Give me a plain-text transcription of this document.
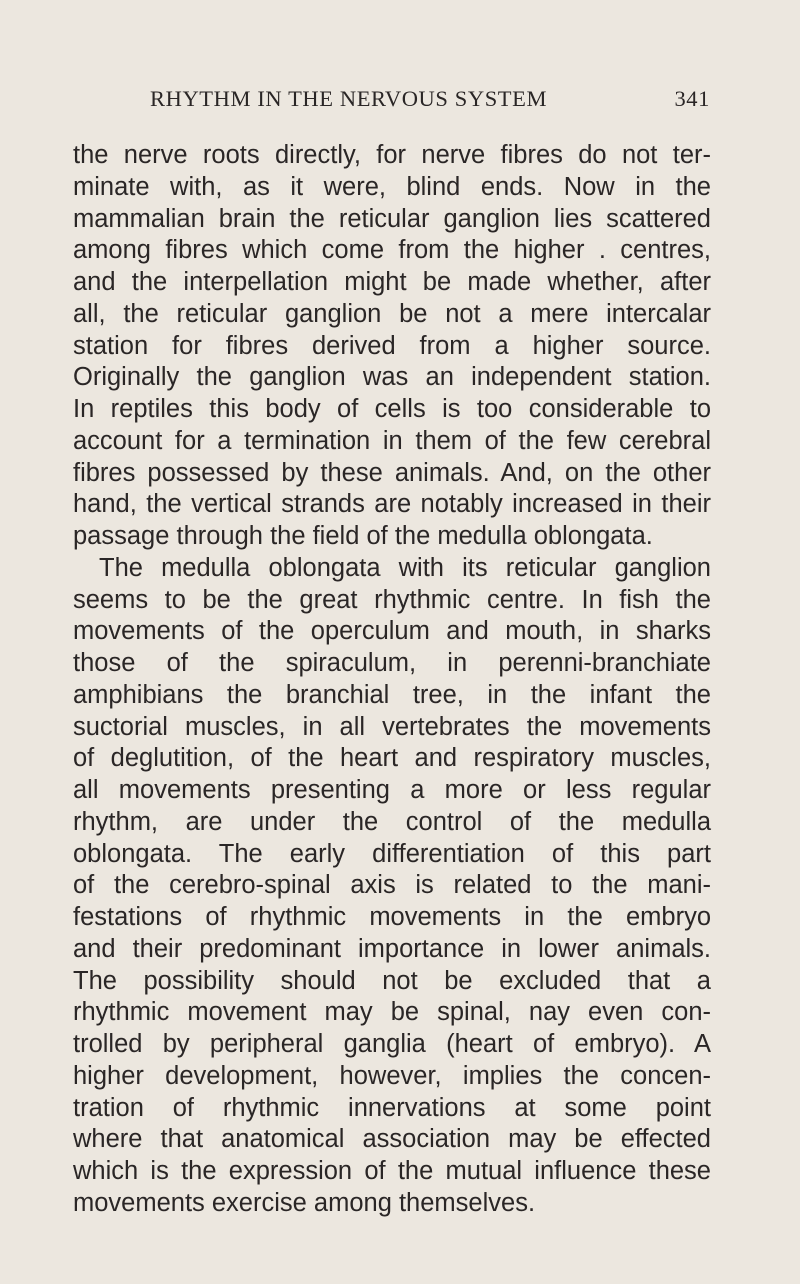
RHYTHM IN THE NERVOUS SYSTEM	341
the nerve roots directly, for nerve fibres do not ter-
minate with, as it were, blind ends. Now in the
mammalian brain the reticular ganglion lies scattered
among fibres which come from the higher . centres,
and the interpellation might be made whether, after
all, the reticular ganglion be not a mere intercalar
station for fibres derived from a higher source.
Originally the ganglion was an independent station.
In reptiles this body of cells is too considerable to
account for a termination in them of the few cerebral
fibres possessed by these animals. And, on the other
hand, the vertical strands are notably increased in their
passage through the field of the medulla oblongata.
The medulla oblongata with its reticular ganglion
seems to be the great rhythmic centre. In fish the
movements of the operculum and mouth, in sharks
those of the spiraculum, in perenni-branchiate
amphibians the branchial tree, in the infant the
suctorial muscles, in all vertebrates the movements
of deglutition, of the heart and respiratory muscles,
all movements presenting a more or less regular
rhythm, are under the control of the medulla
oblongata. The early differentiation of this part
of the cerebro-spinal axis is related to the mani-
festations of rhythmic movements in the embryo
and their predominant importance in lower animals.
The possibility should not be excluded that a
rhythmic movement may be spinal, nay even con-
trolled by peripheral ganglia (heart of embryo). A
higher development, however, implies the concen-
tration of rhythmic innervations at some point
where that anatomical association may be effected
which is the expression of the mutual influence these
movements exercise among themselves.
